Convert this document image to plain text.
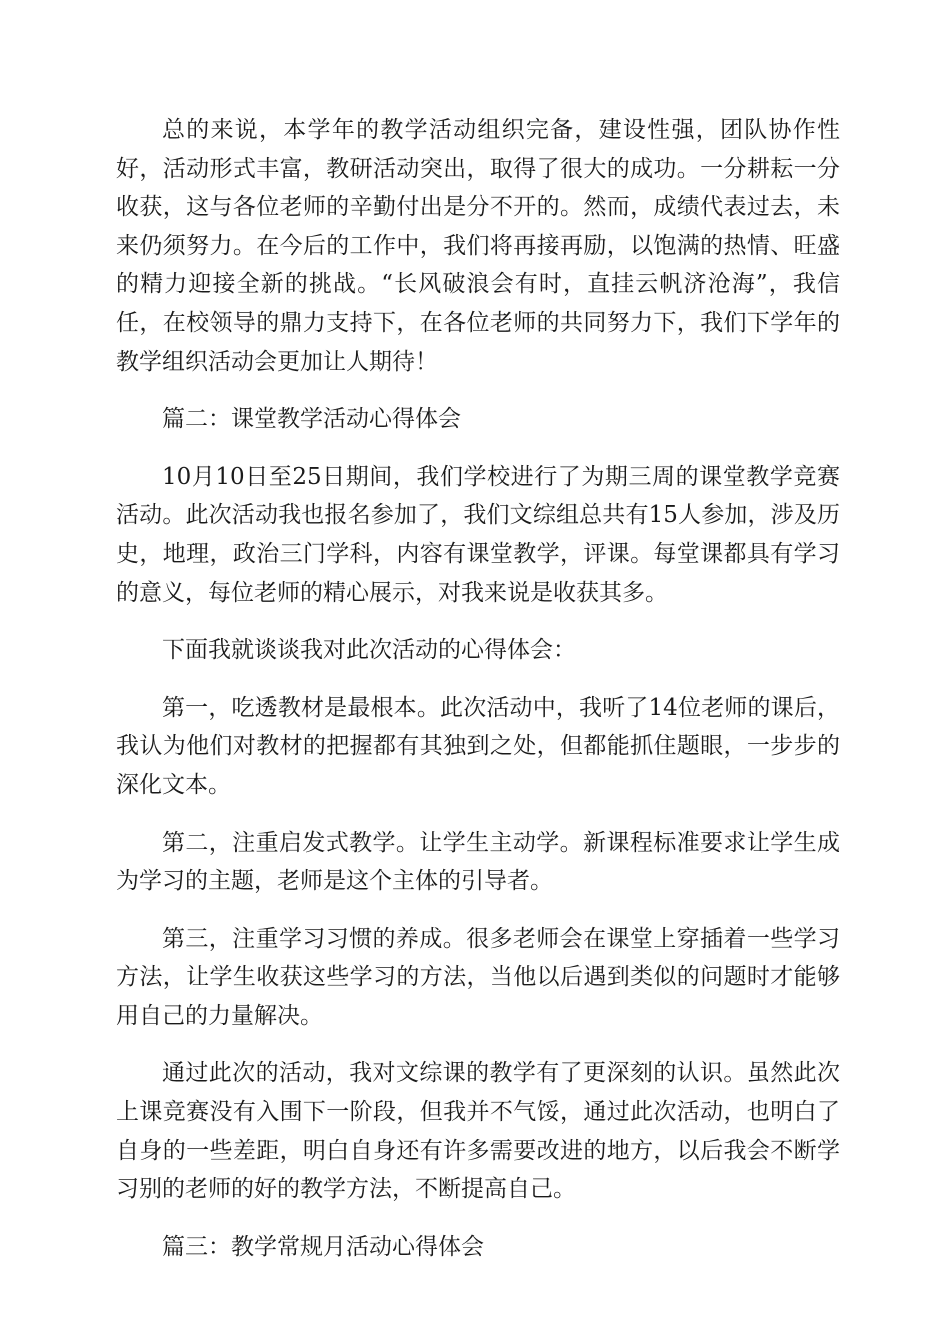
总的来说，本学年的教学活动组织完备，建设性强，团队协作性好，活动形式丰富，教研活动突出，取得了很大的成功。一分耕耘一分收获，这与各位老师的辛勤付出是分不开的。然而，成绩代表过去，未来仍须努力。在今后的工作中，我们将再接再励，以饱满的热情、旺盛的精力迎接全新的挑战。“长风破浪会有时，直挂云帆济沧海”，我信任，在校领导的鼎力支持下，在各位老师的共同努力下，我们下学年的教学组织活动会更加让人期待！

篇二：课堂教学活动心得体会

10月10日至25日期间，我们学校进行了为期三周的课堂教学竞赛活动。此次活动我也报名参加了，我们文综组总共有15人参加，涉及历史，地理，政治三门学科，内容有课堂教学，评课。每堂课都具有学习的意义，每位老师的精心展示，对我来说是收获其多。

下面我就谈谈我对此次活动的心得体会：

第一，吃透教材是最根本。此次活动中，我听了14位老师的课后，我认为他们对教材的把握都有其独到之处，但都能抓住题眼，一步步的深化文本。

第二，注重启发式教学。让学生主动学。新课程标准要求让学生成为学习的主题，老师是这个主体的引导者。

第三，注重学习习惯的养成。很多老师会在课堂上穿插着一些学习方法，让学生收获这些学习的方法，当他以后遇到类似的问题时才能够用自己的力量解决。

通过此次的活动，我对文综课的教学有了更深刻的认识。虽然此次上课竞赛没有入围下一阶段，但我并不气馁，通过此次活动，也明白了自身的一些差距，明白自身还有许多需要改进的地方，以后我会不断学习别的老师的好的教学方法，不断提高自己。

篇三：教学常规月活动心得体会
